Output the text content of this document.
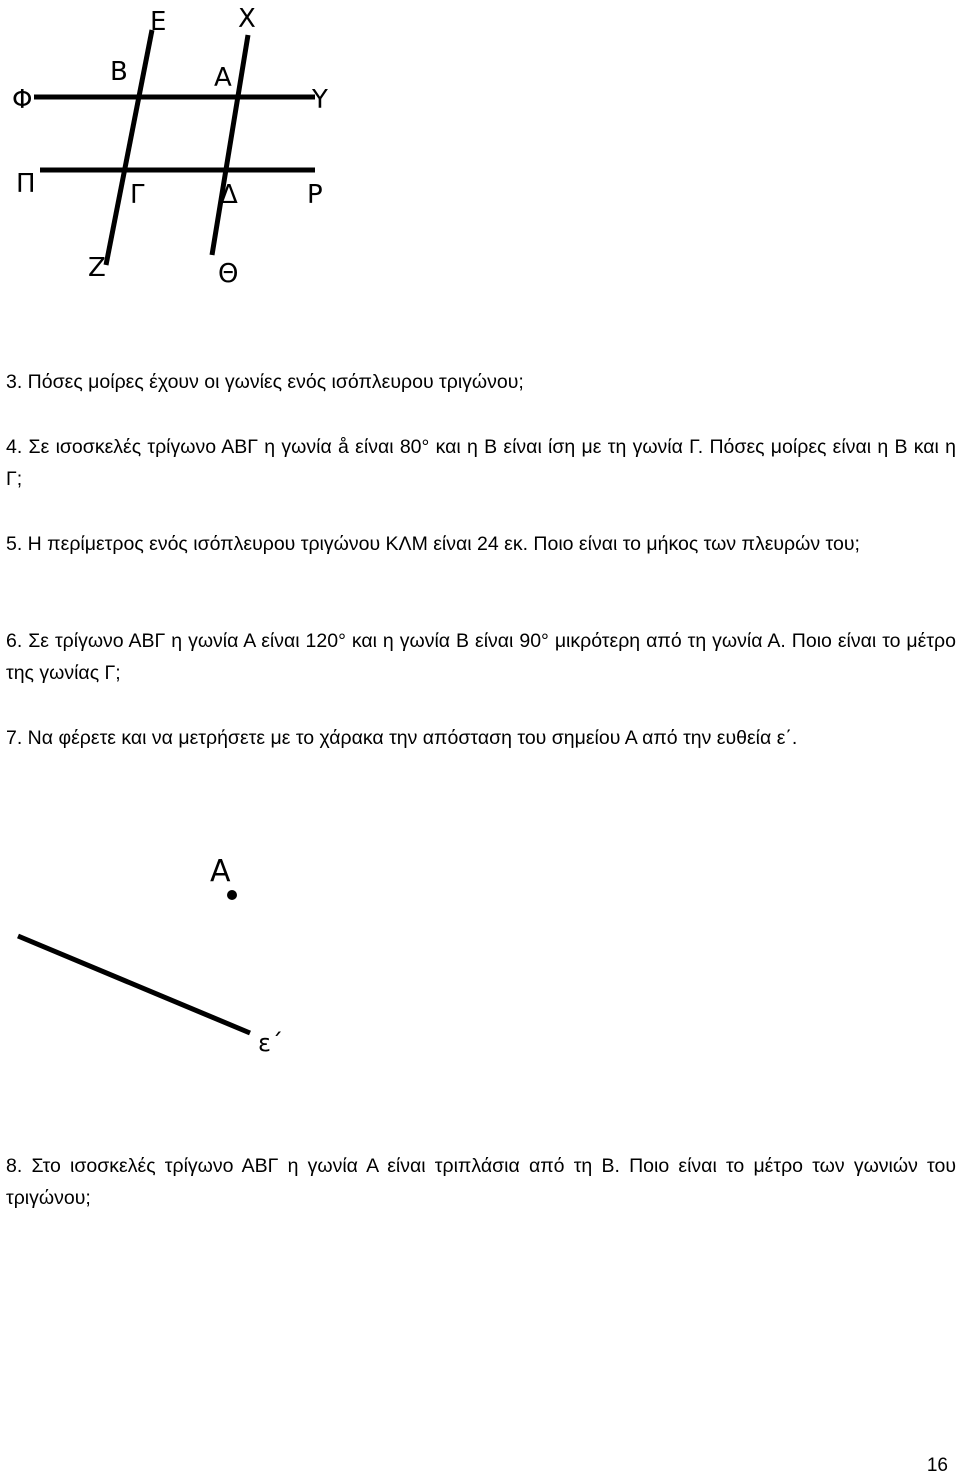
Ε	Χ
Φ
Β	Α
Υ
Π	Γ	Δ	Ρ
Ζ	Θ

3. Πόσες μοίρες έχουν οι γωνίες ενός ισόπλευρου τριγώνου;

4. Σε ισοσκελές τρίγωνο ΑΒΓ η γωνία å είναι 80° και η Β είναι ίση με τη γωνία Γ. Πόσες μοίρες είναι η Β και η Γ;

5. Η περίμετρος ενός ισόπλευρου τριγώνου ΚΛΜ είναι 24 εκ. Ποιο είναι το μήκος των πλευρών του;

6. Σε τρίγωνο ΑΒΓ η γωνία Α είναι 120° και η γωνία Β είναι 90° μικρότερη από τη γωνία Α. Ποιο είναι το μέτρο της γωνίας Γ;

7. Να φέρετε και να μετρήσετε με το χάρακα την απόσταση του σημείου Α από την ευθεία ε΄.

Α
ε΄

8. Στο ισοσκελές τρίγωνο ΑΒΓ η γωνία Α είναι τριπλάσια από τη Β. Ποιο είναι το μέτρο των γωνιών του τριγώνου;

16
